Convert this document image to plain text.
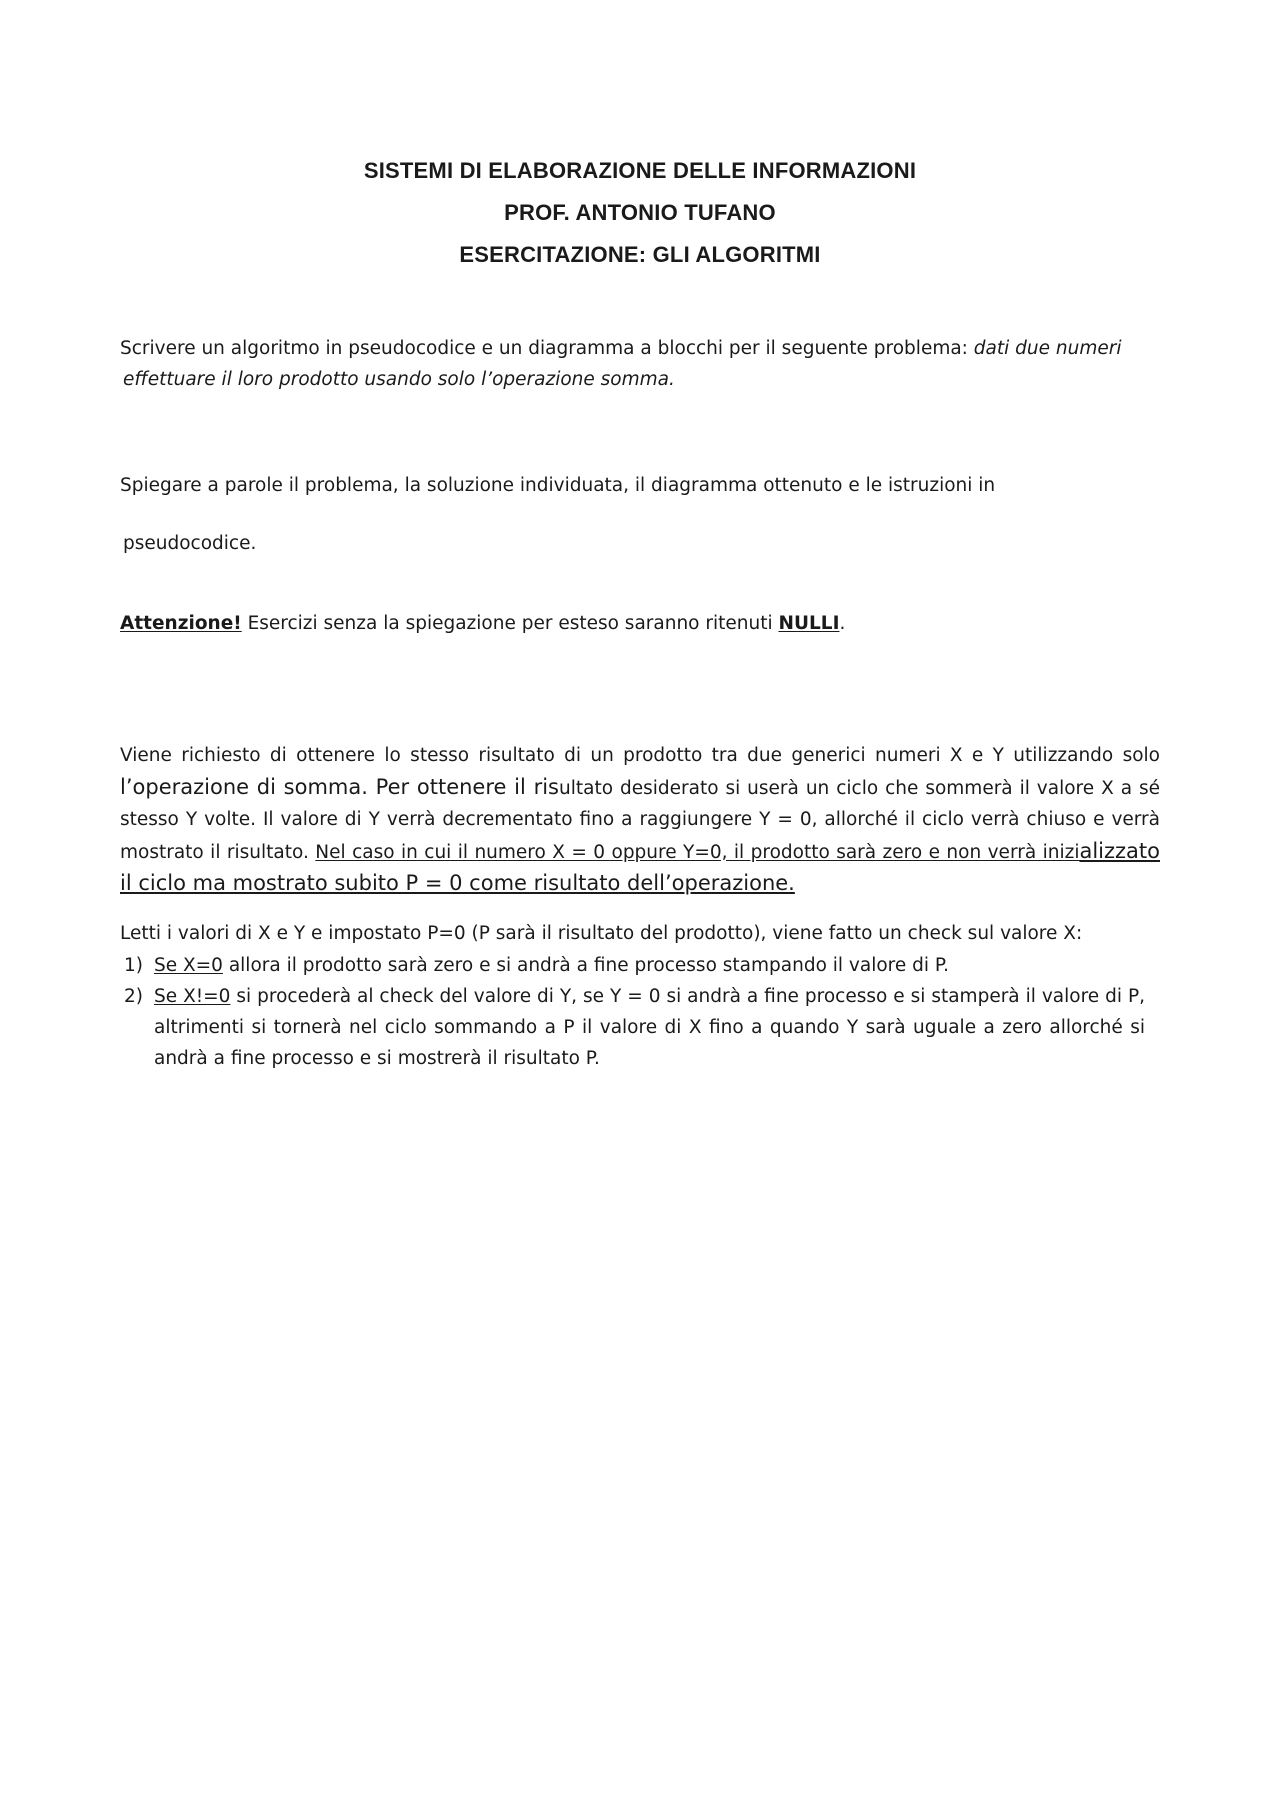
SISTEMI DI ELABORAZIONE DELLE INFORMAZIONI
PROF. ANTONIO TUFANO
ESERCITAZIONE: GLI ALGORITMI
Scrivere un algoritmo in pseudocodice e un diagramma a blocchi per il seguente problema: dati due numeri
effettuare il loro prodotto usando solo l’operazione somma.
Spiegare a parole il problema, la soluzione individuata, il diagramma ottenuto e le istruzioni in
pseudocodice.
Attenzione! Esercizi senza la spiegazione per esteso saranno ritenuti NULLI.
Viene richiesto di ottenere lo stesso risultato di un prodotto tra due generici numeri X e Y utilizzando solo l’operazione di somma. Per ottenere il risultato desiderato si userà un ciclo che sommerà il valore X a sé stesso Y volte. Il valore di Y verrà decrementato fino a raggiungere Y = 0, allorché il ciclo verrà chiuso e verrà mostrato il risultato. Nel caso in cui il numero X = 0 oppure Y=0, il prodotto sarà zero e non verrà inizializzato il ciclo ma mostrato subito P = 0 come risultato dell’operazione.
Letti i valori di X e Y e impostato P=0 (P sarà il risultato del prodotto), viene fatto un check sul valore X:
1) Se X=0 allora il prodotto sarà zero e si andrà a fine processo stampando il valore di P.
2) Se X!=0 si procederà al check del valore di Y, se Y = 0 si andrà a fine processo e si stamperà il valore di P, altrimenti si tornerà nel ciclo sommando a P il valore di X fino a quando Y sarà uguale a zero allorché si andrà a fine processo e si mostrerà il risultato P.
